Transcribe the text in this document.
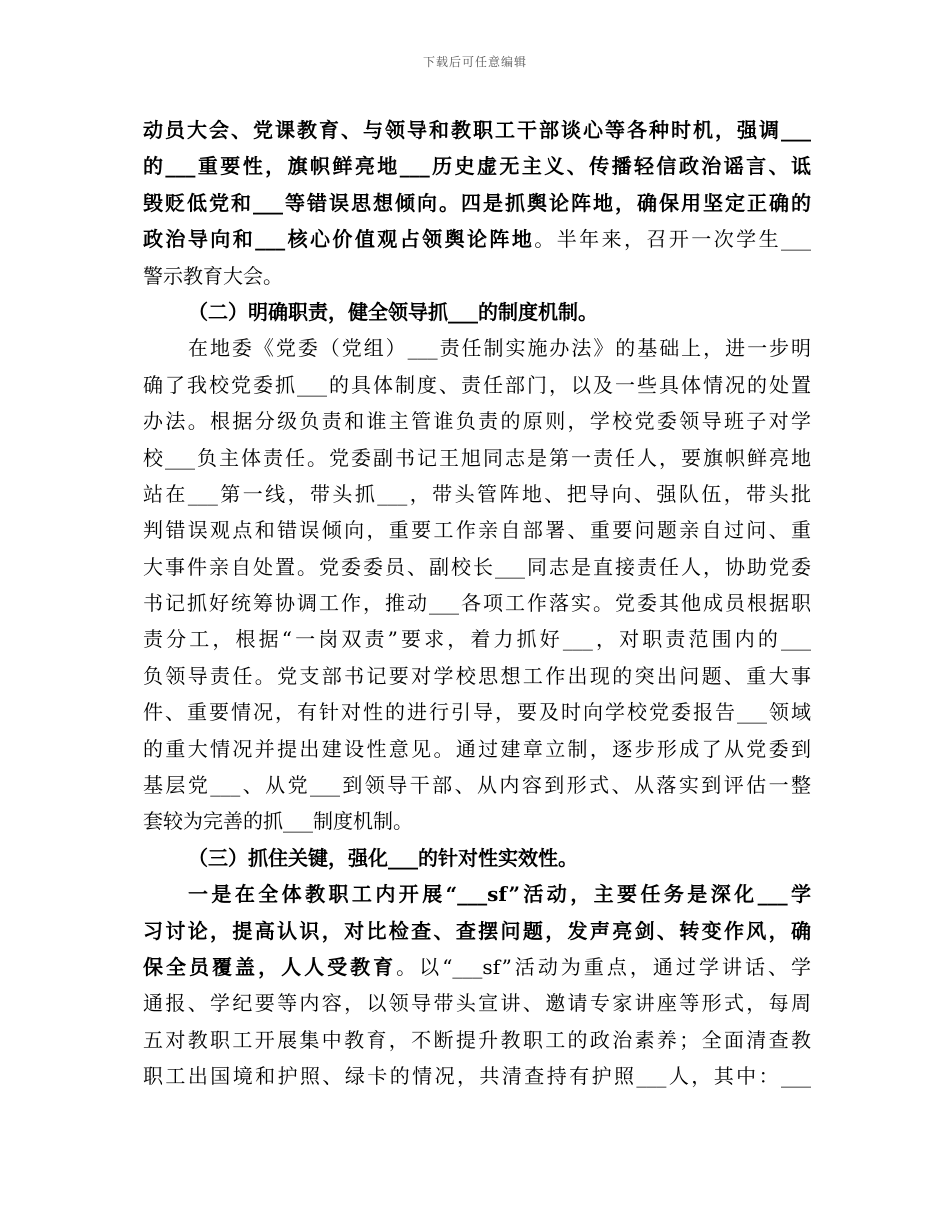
下载后可任意编辑
动员大会、党课教育、与领导和教职工干部谈心等各种时机，强调___
的___重要性，旗帜鲜亮地___历史虚无主义、传播轻信政治谣言、诋
毁贬低党和___等错误思想倾向。四是抓舆论阵地，确保用坚定正确的
政治导向和___核心价值观占领舆论阵地。半年来，召开一次学生___
警示教育大会。
（二）明确职责，健全领导抓___的制度机制。
在地委《党委（党组）___责任制实施办法》的基础上，进一步明
确了我校党委抓___的具体制度、责任部门，以及一些具体情况的处置
办法。根据分级负责和谁主管谁负责的原则，学校党委领导班子对学
校___负主体责任。党委副书记王旭同志是第一责任人，要旗帜鲜亮地
站在___第一线，带头抓___，带头管阵地、把导向、强队伍，带头批
判错误观点和错误倾向，重要工作亲自部署、重要问题亲自过问、重
大事件亲自处置。党委委员、副校长___同志是直接责任人，协助党委
书记抓好统筹协调工作，推动___各项工作落实。党委其他成员根据职
责分工，根据“一岗双责”要求，着力抓好___，对职责范围内的___
负领导责任。党支部书记要对学校思想工作出现的突出问题、重大事
件、重要情况，有针对性的进行引导，要及时向学校党委报告___领域
的重大情况并提出建设性意见。通过建章立制，逐步形成了从党委到
基层党___、从党___到领导干部、从内容到形式、从落实到评估一整
套较为完善的抓___制度机制。
（三）抓住关键，强化___的针对性实效性。
一是在全体教职工内开展“___sf”活动，主要任务是深化___学
习讨论，提高认识，对比检查、查摆问题，发声亮剑、转变作风，确
保全员覆盖，人人受教育。以“___sf”活动为重点，通过学讲话、学
通报、学纪要等内容，以领导带头宣讲、邀请专家讲座等形式，每周
五对教职工开展集中教育，不断提升教职工的政治素养；全面清查教
职工出国境和护照、绿卡的情况，共清查持有护照___人，其中：___
